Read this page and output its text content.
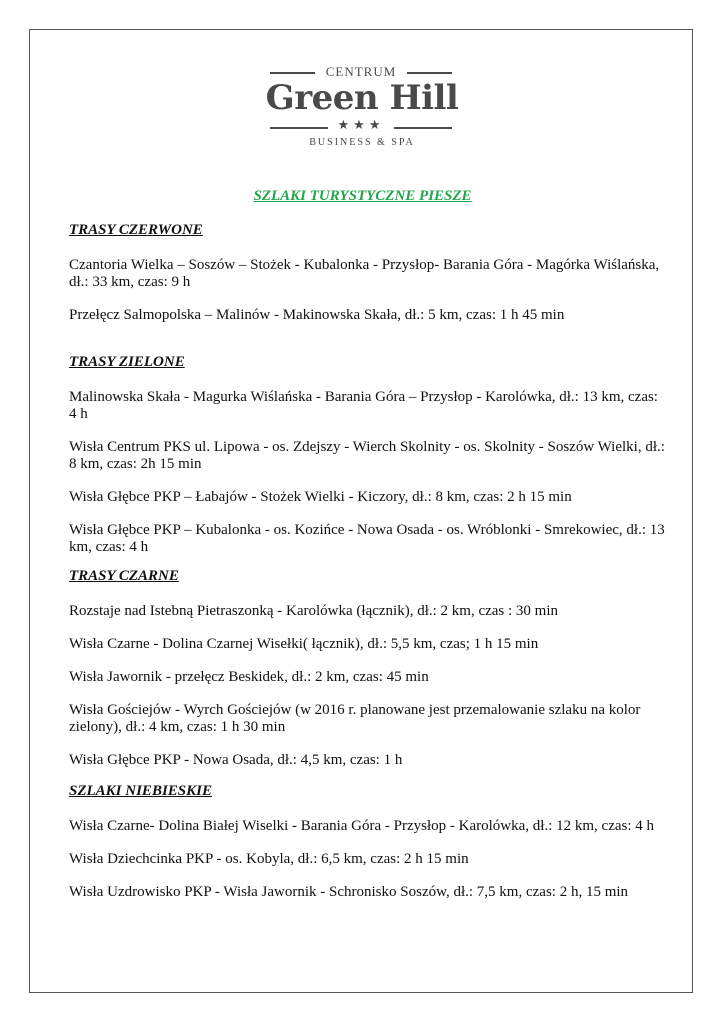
CENTRUM
Green Hill
★★★
BUSINESS & SPA
SZLAKI TURYSTYCZNE PIESZE
TRASY CZERWONE
Czantoria Wielka – Soszów – Stożek - Kubalonka - Przysłop- Barania Góra - Magórka Wiślańska, dł.: 33 km, czas: 9 h
Przełęcz Salmopolska – Malinów - Makinowska Skała, dł.: 5 km, czas: 1 h 45 min
TRASY ZIELONE
Malinowska Skała - Magurka Wiślańska - Barania Góra – Przysłop - Karolówka, dł.: 13 km, czas: 4 h
Wisła Centrum PKS ul. Lipowa - os. Zdejszy - Wierch Skolnity - os. Skolnity - Soszów Wielki, dł.: 8 km, czas: 2h 15 min
Wisła Głębce PKP – Łabajów - Stożek Wielki - Kiczory, dł.: 8 km, czas: 2 h 15 min
Wisła Głębce PKP – Kubalonka - os. Kozińce - Nowa Osada - os. Wróblonki - Smrekowiec, dł.: 13 km, czas: 4 h
TRASY CZARNE
Rozstaje nad Istebną Pietraszonką - Karolówka (łącznik), dł.: 2 km, czas : 30 min
Wisła Czarne - Dolina Czarnej Wisełki( łącznik), dł.: 5,5 km, czas; 1 h 15 min
Wisła Jawornik - przełęcz Beskidek, dł.: 2 km, czas: 45 min
Wisła Gościejów - Wyrch Gościejów (w 2016 r. planowane jest przemalowanie szlaku na kolor zielony), dł.: 4 km, czas: 1 h 30 min
Wisła Głębce PKP - Nowa Osada, dł.: 4,5 km, czas: 1 h
SZLAKI NIEBIESKIE
Wisła Czarne- Dolina Białej Wiselki - Barania Góra - Przysłop - Karolówka, dł.: 12 km, czas: 4 h
Wisła Dziechcinka PKP - os. Kobyla, dł.: 6,5 km, czas: 2 h 15 min
Wisła Uzdrowisko PKP - Wisła Jawornik - Schronisko Soszów, dł.: 7,5 km, czas: 2 h, 15 min
